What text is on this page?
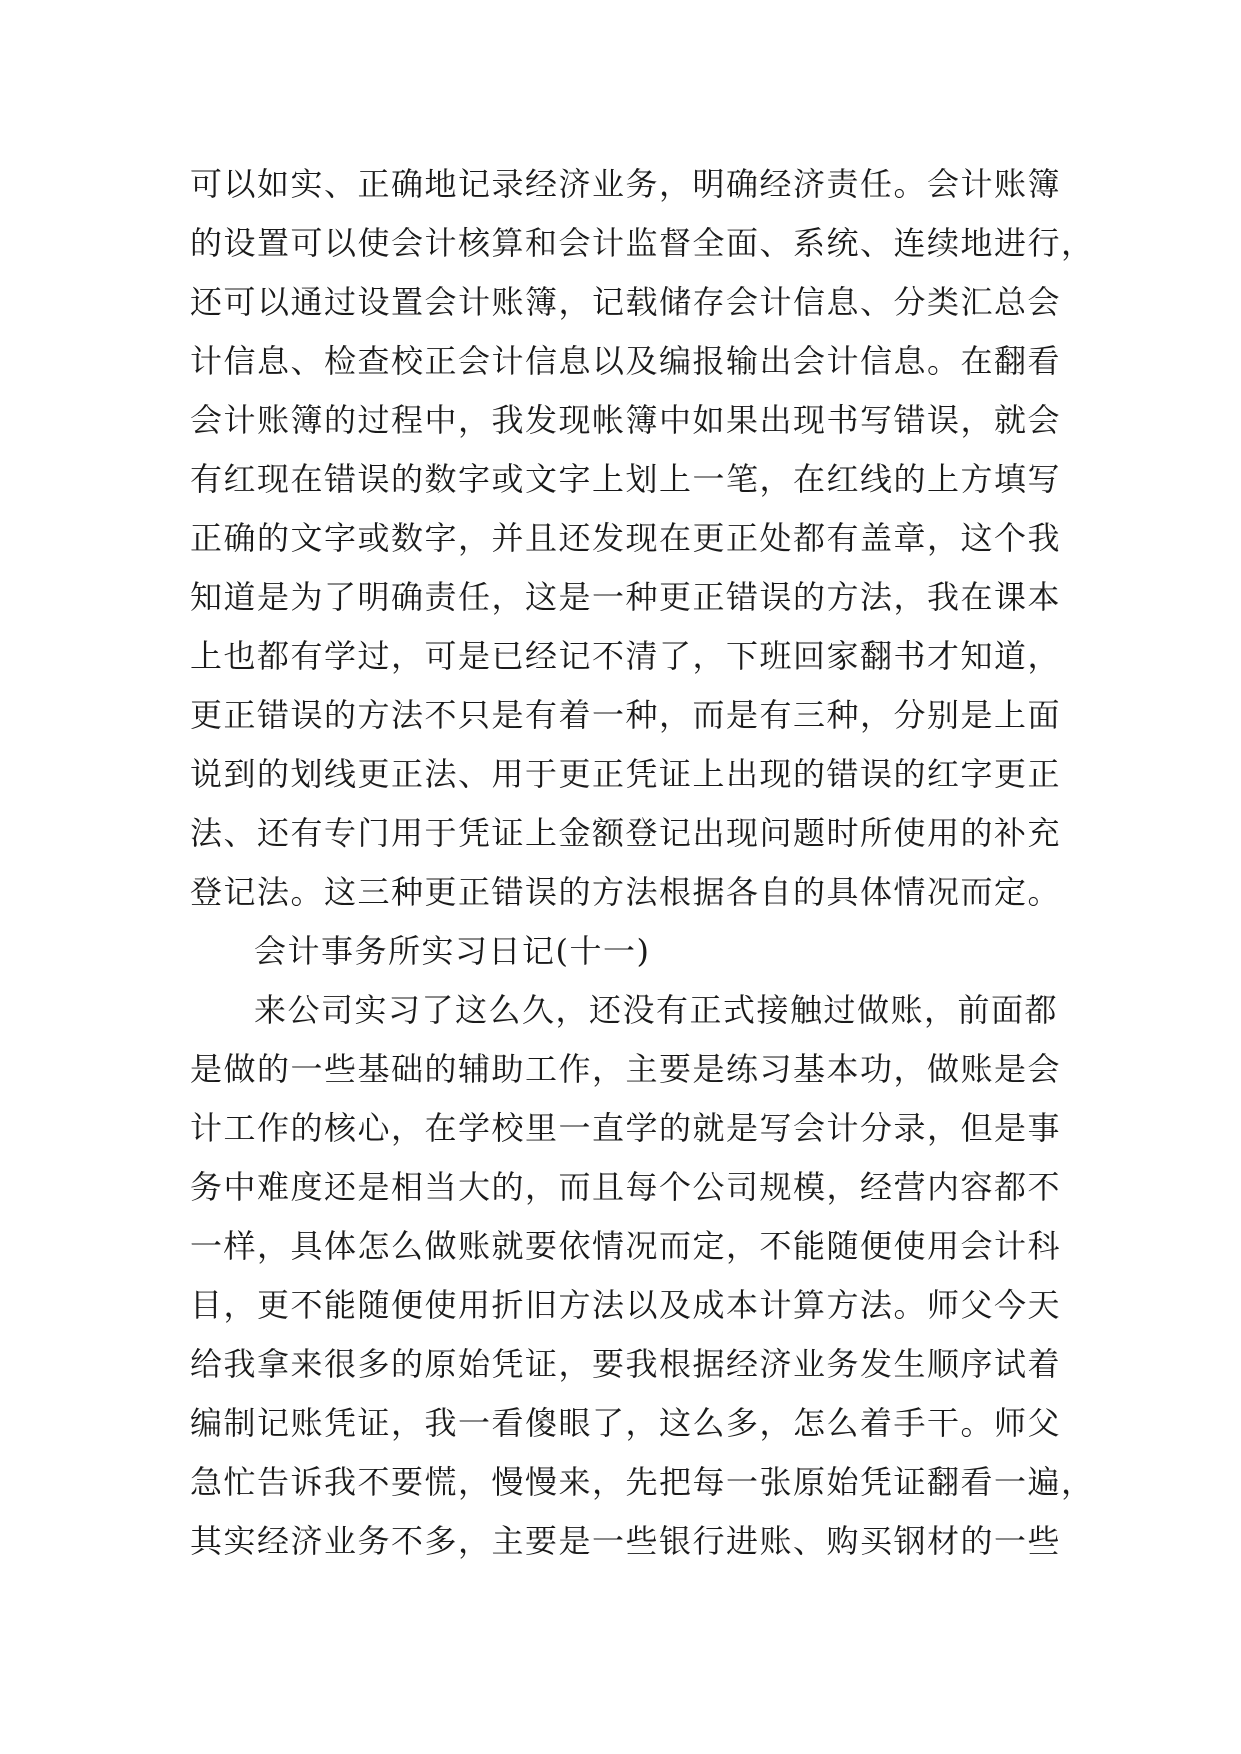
可以如实、正确地记录经济业务，明确经济责任。会计账簿
的设置可以使会计核算和会计监督全面、系统、连续地进行，
还可以通过设置会计账簿，记载储存会计信息、分类汇总会
计信息、检查校正会计信息以及编报输出会计信息。在翻看
会计账簿的过程中，我发现帐簿中如果出现书写错误，就会
有红现在错误的数字或文字上划上一笔，在红线的上方填写
正确的文字或数字，并且还发现在更正处都有盖章，这个我
知道是为了明确责任，这是一种更正错误的方法，我在课本
上也都有学过，可是已经记不清了，下班回家翻书才知道，
更正错误的方法不只是有着一种，而是有三种，分别是上面
说到的划线更正法、用于更正凭证上出现的错误的红字更正
法、还有专门用于凭证上金额登记出现问题时所使用的补充
登记法。这三种更正错误的方法根据各自的具体情况而定。
会计事务所实习日记(十一)
来公司实习了这么久，还没有正式接触过做账，前面都
是做的一些基础的辅助工作，主要是练习基本功，做账是会
计工作的核心，在学校里一直学的就是写会计分录，但是事
务中难度还是相当大的，而且每个公司规模，经营内容都不
一样，具体怎么做账就要依情况而定，不能随便使用会计科
目，更不能随便使用折旧方法以及成本计算方法。师父今天
给我拿来很多的原始凭证，要我根据经济业务发生顺序试着
编制记账凭证，我一看傻眼了，这么多，怎么着手干。师父
急忙告诉我不要慌，慢慢来，先把每一张原始凭证翻看一遍，
其实经济业务不多，主要是一些银行进账、购买钢材的一些
